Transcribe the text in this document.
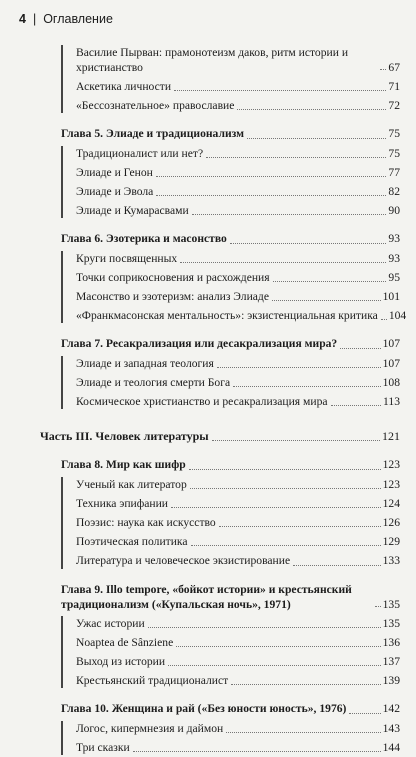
4 | Оглавление
Василие Пырван: прамонотеизм даков, ритм истории и христианство	67
Аскетика личности	71
«Бессознательное» православие	72
Глава 5. Элиаде и традиционализм	75
Традиционалист или нет?	75
Элиаде и Генон	77
Элиаде и Эвола	82
Элиаде и Кумарасвами	90
Глава 6. Эзотерика и масонство	93
Круги посвященных	93
Точки соприкосновения и расхождения	95
Масонство и эзотеризм: анализ Элиаде	101
«Франкмасонская ментальность»: экзистенциальная критика 104
Глава 7. Ресакрализация или десакрализация мира?	107
Элиаде и западная теология	107
Элиаде и теология смерти Бога	108
Космическое христианство и ресакрализация мира	113
Часть III. Человек литературы	121
Глава 8. Мир как шифр	123
Ученый как литератор	123
Техника эпифании	124
Поэзис: наука как искусство	126
Поэтическая политика	129
Литература и человеческое экзистирование	133
Глава 9. Illo tempore, «бойкот истории» и крестьянский традиционализм («Купальская ночь», 1971)	135
Ужас истории	135
Noaptea de Sânziene	136
Выход из истории	137
Крестьянский традиционалист	139
Глава 10. Женщина и рай («Без юности юность», 1976)	142
Логос, кипермнезия и даймон	143
Три сказки	144
